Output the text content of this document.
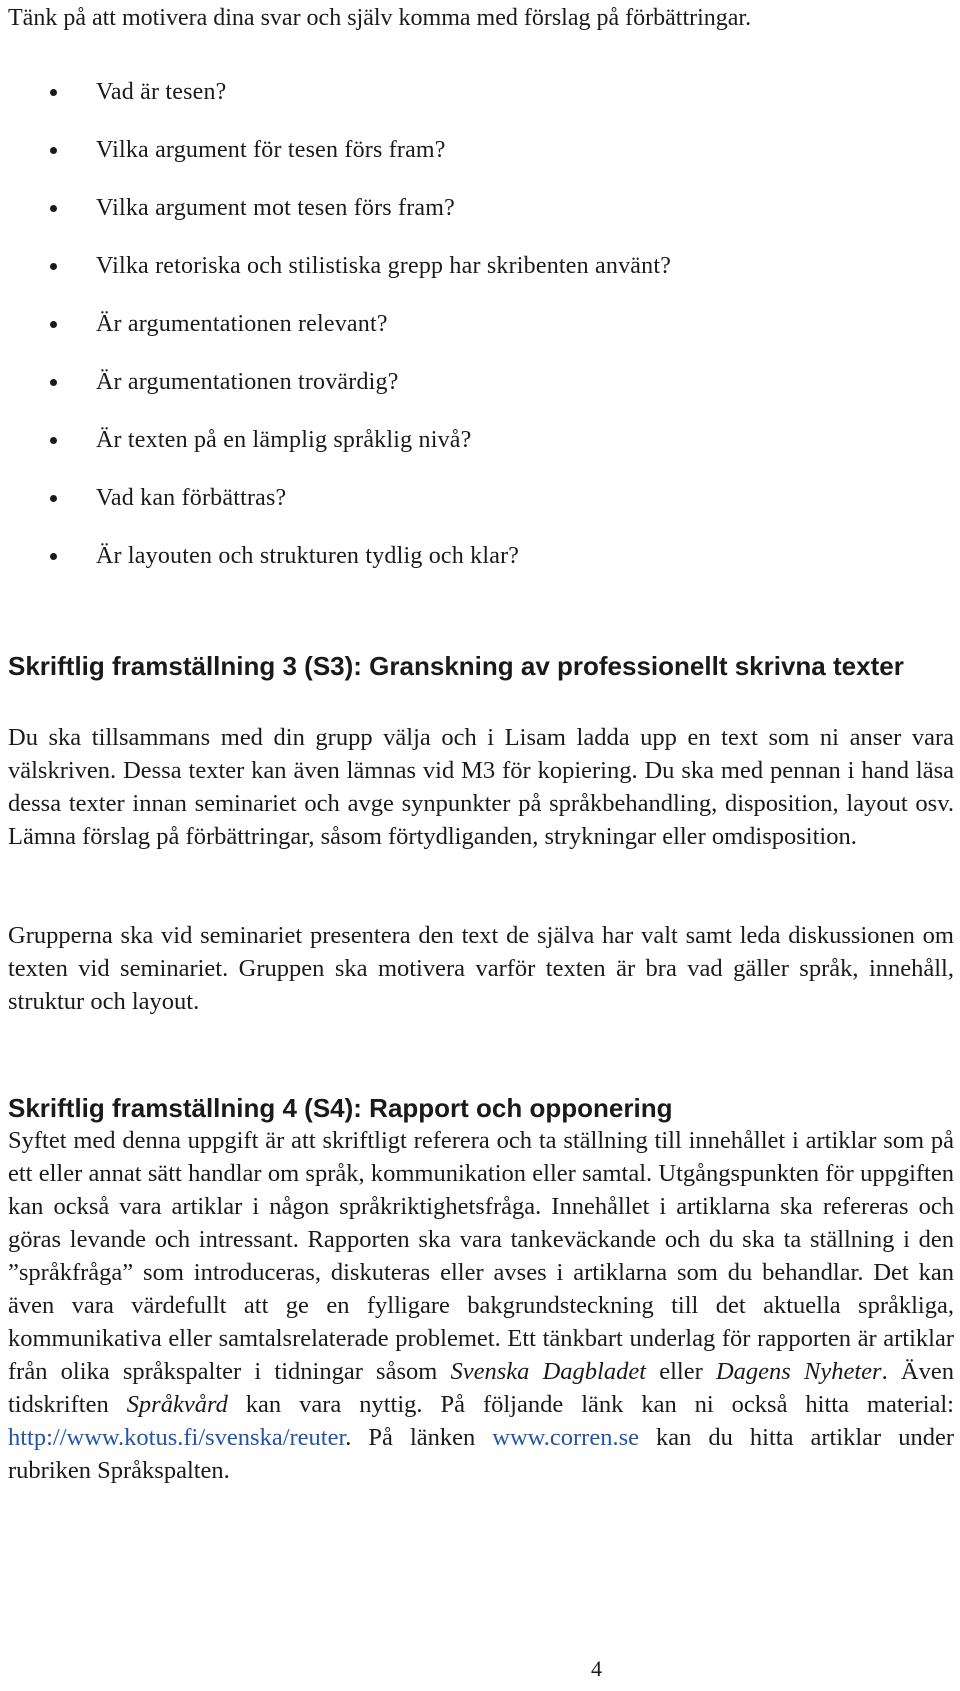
Tänk på att motivera dina svar och själv komma med förslag på förbättringar.

Vad är tesen?
Vilka argument för tesen förs fram?
Vilka argument mot tesen förs fram?
Vilka retoriska och stilistiska grepp har skribenten använt?
Är argumentationen relevant?
Är argumentationen trovärdig?
Är texten på en lämplig språklig nivå?
Vad kan förbättras?
Är layouten och strukturen tydlig och klar?
Skriftlig framställning 3 (S3): Granskning av professionellt skrivna texter

Du ska tillsammans med din grupp välja och i Lisam ladda upp en text som ni anser vara välskriven. Dessa texter kan även lämnas vid M3 för kopiering. Du ska med pennan i hand läsa dessa texter innan seminariet och avge synpunkter på språkbehandling, disposition, layout osv. Lämna förslag på förbättringar, såsom förtydliganden, strykningar eller omdisposition.

Grupperna ska vid seminariet presentera den text de själva har valt samt leda diskussionen om texten vid seminariet. Gruppen ska motivera varför texten är bra vad gäller språk, innehåll, struktur och layout.

Skriftlig framställning 4 (S4): Rapport och opponering

Syftet med denna uppgift är att skriftligt referera och ta ställning till innehållet i artiklar som på ett eller annat sätt handlar om språk, kommunikation eller samtal. Utgångspunkten för uppgiften kan också vara artiklar i någon språkriktighetsfråga. Innehållet i artiklarna ska refereras och göras levande och intressant. Rapporten ska vara tankeväckande och du ska ta ställning i den ”språkfråga” som introduceras, diskuteras eller avses i artiklarna som du behandlar. Det kan även vara värdefullt att ge en fylligare bakgrundsteckning till det aktuella språkliga, kommunikativa eller samtalsrelaterade problemet. Ett tänkbart underlag för rapporten är artiklar från olika språkspalter i tidningar såsom Svenska Dagbladet eller Dagens Nyheter. Även tidskriften Språkvård kan vara nyttig. På följande länk kan ni också hitta material: http://www.kotus.fi/svenska/reuter. På länken www.corren.se kan du hitta artiklar under rubriken Språkspalten.

4
